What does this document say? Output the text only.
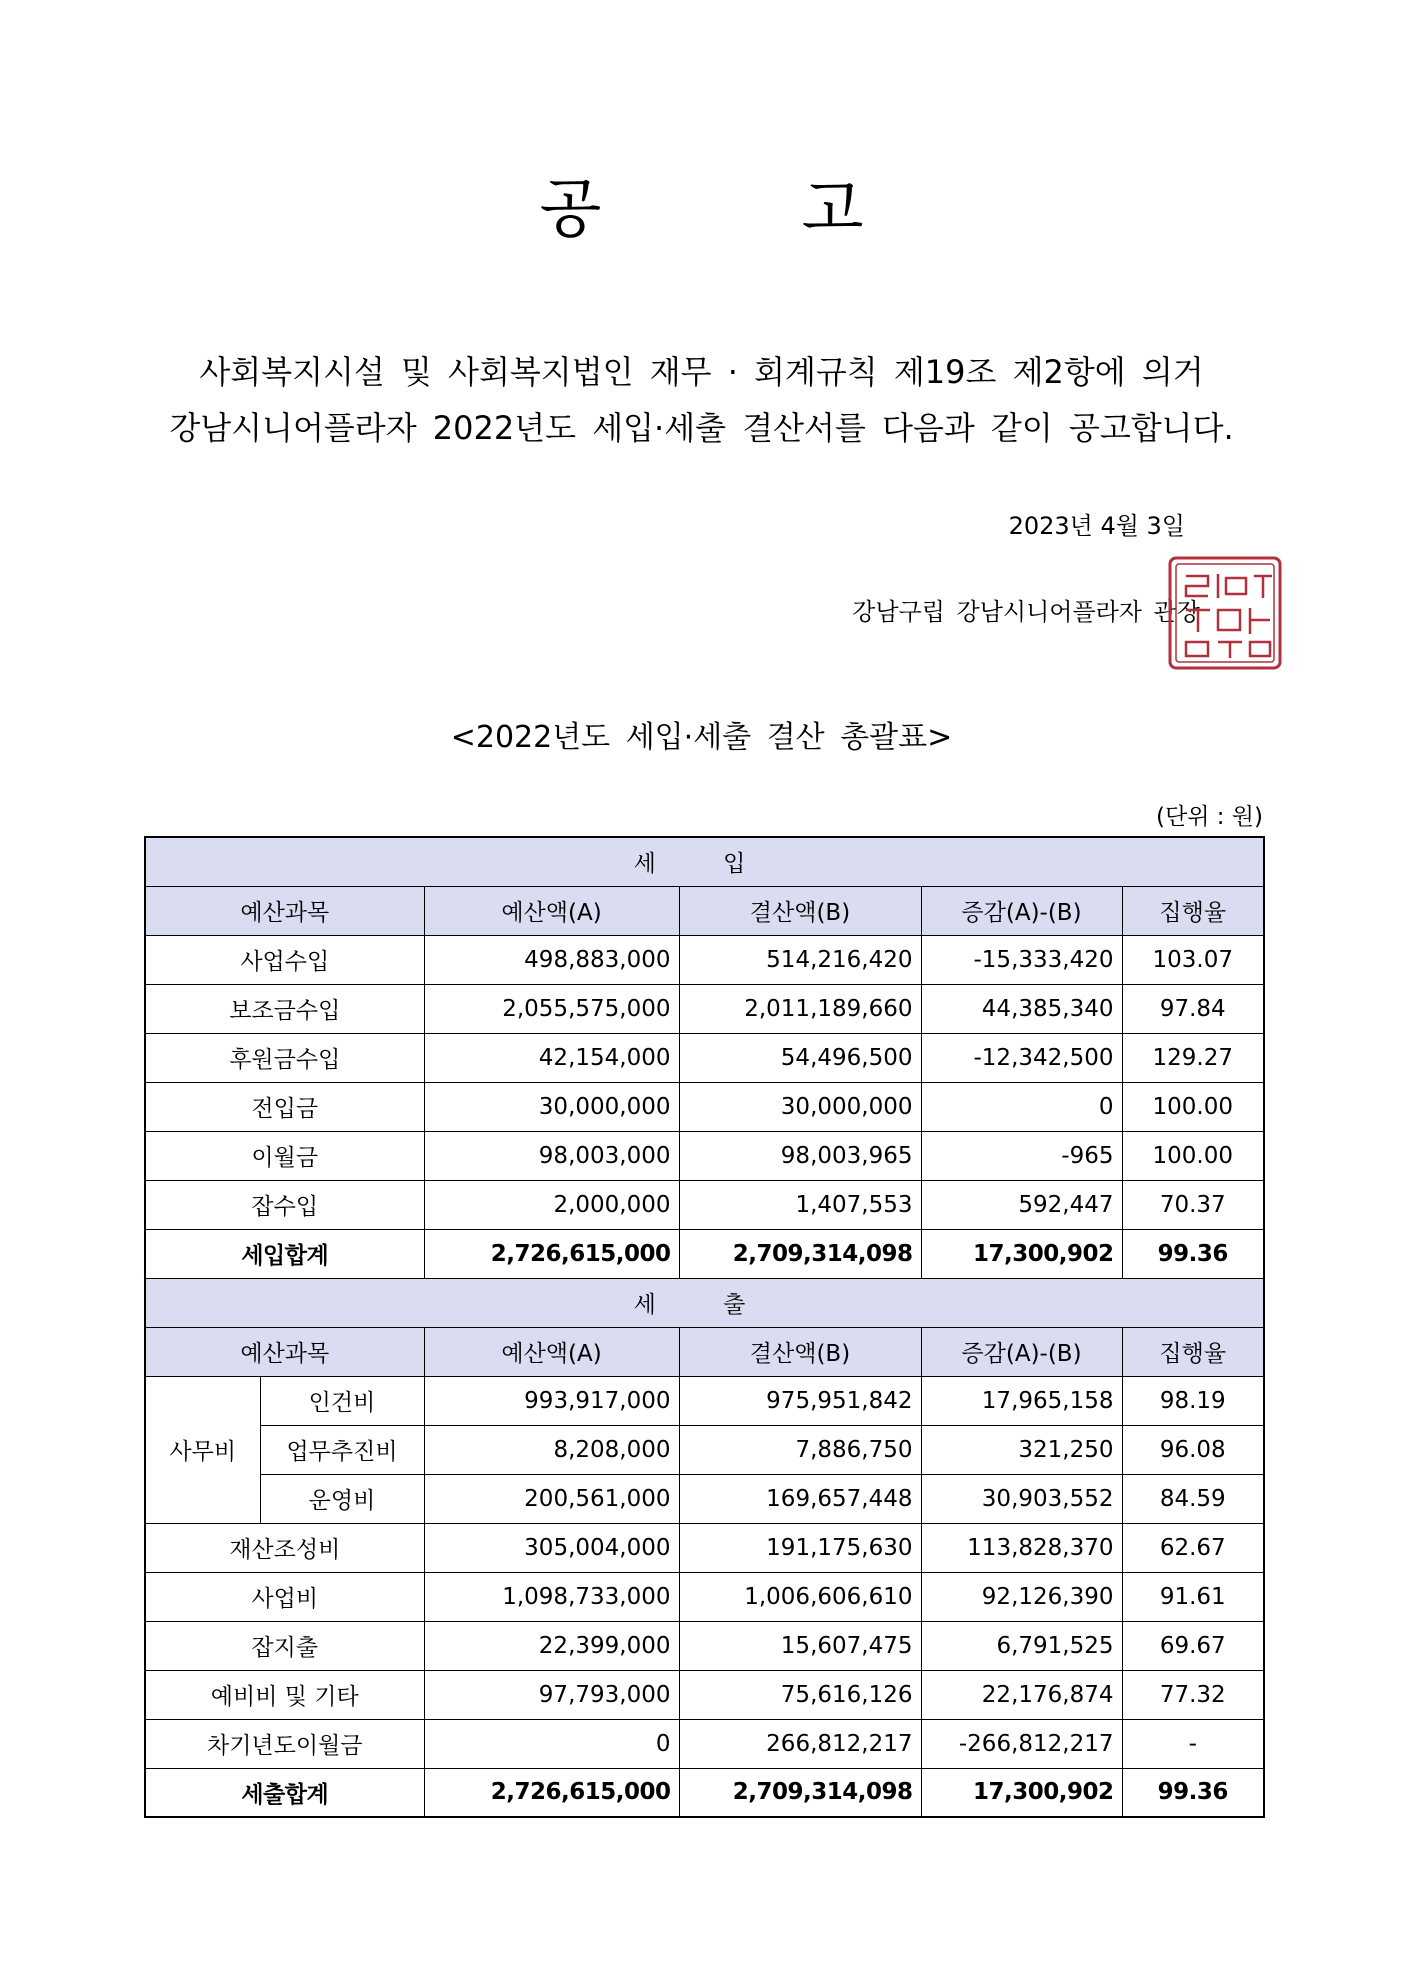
공 고
사회복지시설 및 사회복지법인 재무 · 회계규칙 제19조 제2항에 의거
강남시니어플라자 2022년도 세입·세출 결산서를 다음과 같이 공고합니다.
2023년 4월 3일
강남구립 강남시니어플라자 관장
<2022년도 세입·세출 결산 총괄표>
(단위 : 원)
세 입					
예산과목		예산액(A)	결산액(B)	증감(A)-(B)	집행율
사업수입		498,883,000	514,216,420	-15,333,420	103.07
보조금수입		2,055,575,000	2,011,189,660	44,385,340	97.84
후원금수입		42,154,000	54,496,500	-12,342,500	129.27
전입금		30,000,000	30,000,000	0	100.00
이월금		98,003,000	98,003,965	-965	100.00
잡수입		2,000,000	1,407,553	592,447	70.37
세입합계		2,726,615,000	2,709,314,098	17,300,902	99.36
세 출					
예산과목		예산액(A)	결산액(B)	증감(A)-(B)	집행율
사무비	인건비	993,917,000	975,951,842	17,965,158	98.19
	업무추진비	8,208,000	7,886,750	321,250	96.08
	운영비	200,561,000	169,657,448	30,903,552	84.59
재산조성비		305,004,000	191,175,630	113,828,370	62.67
사업비		1,098,733,000	1,006,606,610	92,126,390	91.61
잡지출		22,399,000	15,607,475	6,791,525	69.67
예비비 및 기타		97,793,000	75,616,126	22,176,874	77.32
차기년도이월금		0	266,812,217	-266,812,217	-
세출합계		2,726,615,000	2,709,314,098	17,300,902	99.36
